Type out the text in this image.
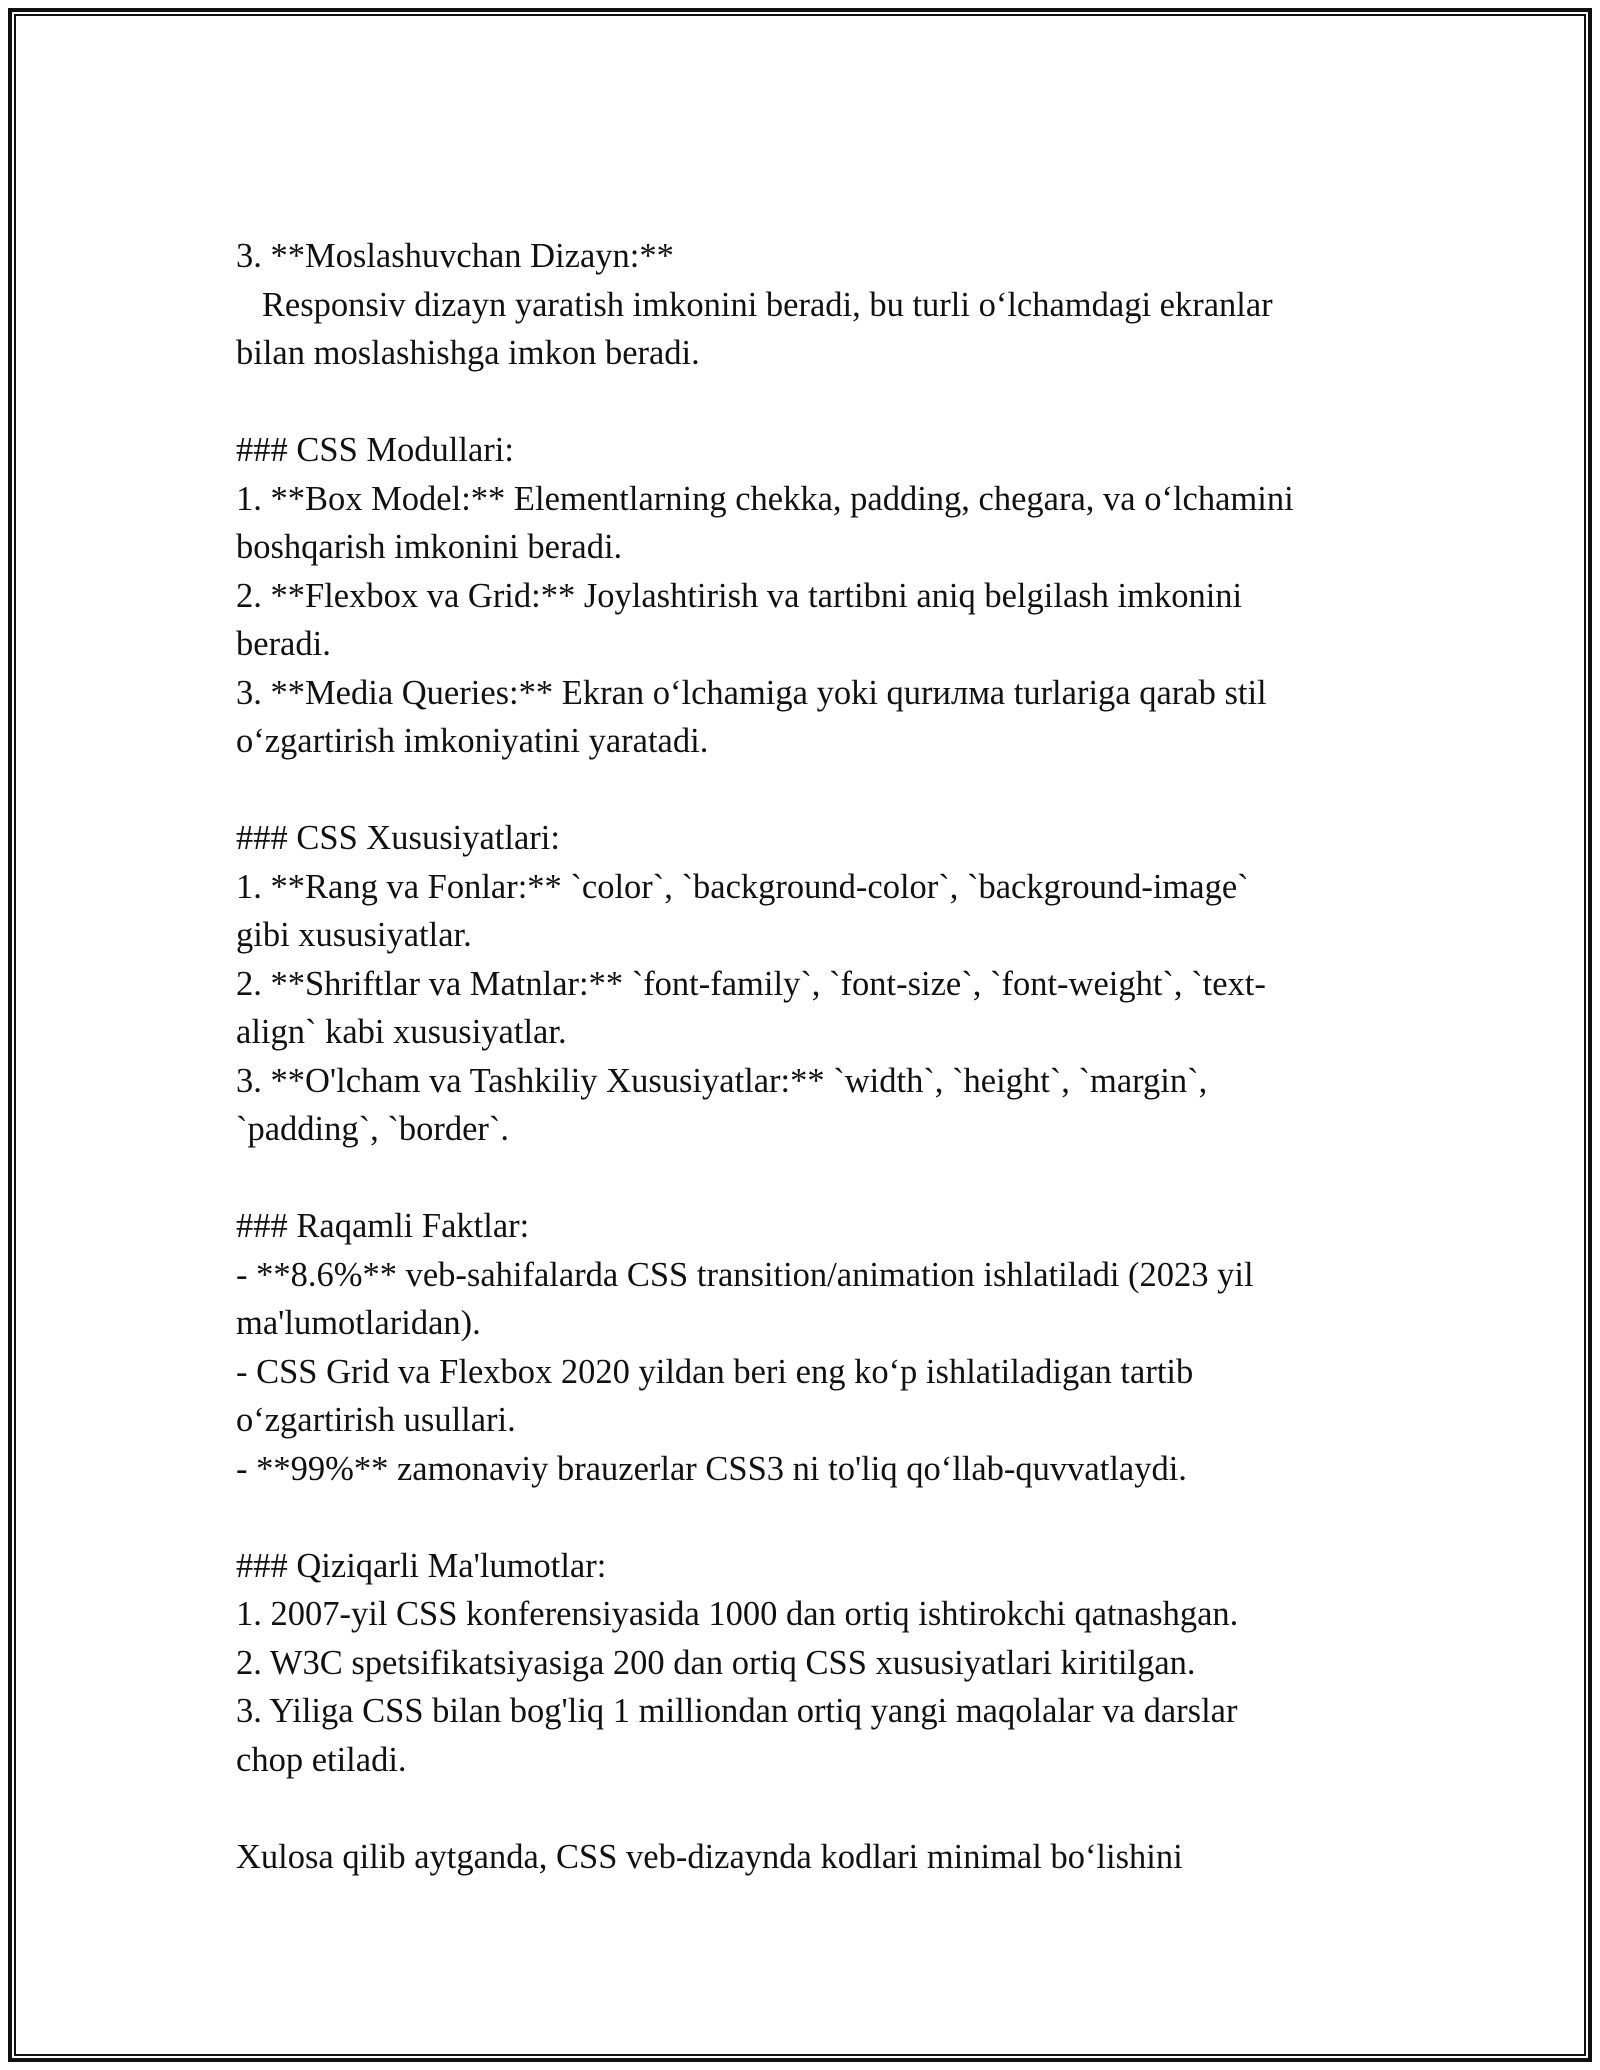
3. **Moslashuvchan Dizayn:**
Responsiv dizayn yaratish imkonini beradi, bu turli o‘lchamdagi ekranlar
bilan moslashishga imkon beradi.
### CSS Modullari:
1. **Box Model:** Elementlarning chekka, padding, chegara, va o‘lchamini
boshqarish imkonini beradi.
2. **Flexbox va Grid:** Joylashtirish va tartibni aniq belgilash imkonini
beradi.
3. **Media Queries:** Ekran o‘lchamiga yoki qurилма turlariga qarab stil
o‘zgartirish imkoniyatini yaratadi.
### CSS Xususiyatlari:
1. **Rang va Fonlar:** `color`, `background-color`, `background-image`
gibi xususiyatlar.
2. **Shriftlar va Matnlar:** `font-family`, `font-size`, `font-weight`, `text-
align` kabi xususiyatlar.
3. **O'lcham va Tashkiliy Xususiyatlar:** `width`, `height`, `margin`,
`padding`, `border`.
### Raqamli Faktlar:
- **8.6%** veb-sahifalarda CSS transition/animation ishlatiladi (2023 yil
ma'lumotlaridan).
- CSS Grid va Flexbox 2020 yildan beri eng ko‘p ishlatiladigan tartib
o‘zgartirish usullari.
- **99%** zamonaviy brauzerlar CSS3 ni to'liq qo‘llab-quvvatlaydi.
### Qiziqarli Ma'lumotlar:
1. 2007-yil CSS konferensiyasida 1000 dan ortiq ishtirokchi qatnashgan.
2. W3C spetsifikatsiyasiga 200 dan ortiq CSS xususiyatlari kiritilgan.
3. Yiliga CSS bilan bog'liq 1 milliondan ortiq yangi maqolalar va darslar
chop etiladi.
Xulosa qilib aytganda, CSS veb-dizaynda kodlari minimal bo‘lishini
